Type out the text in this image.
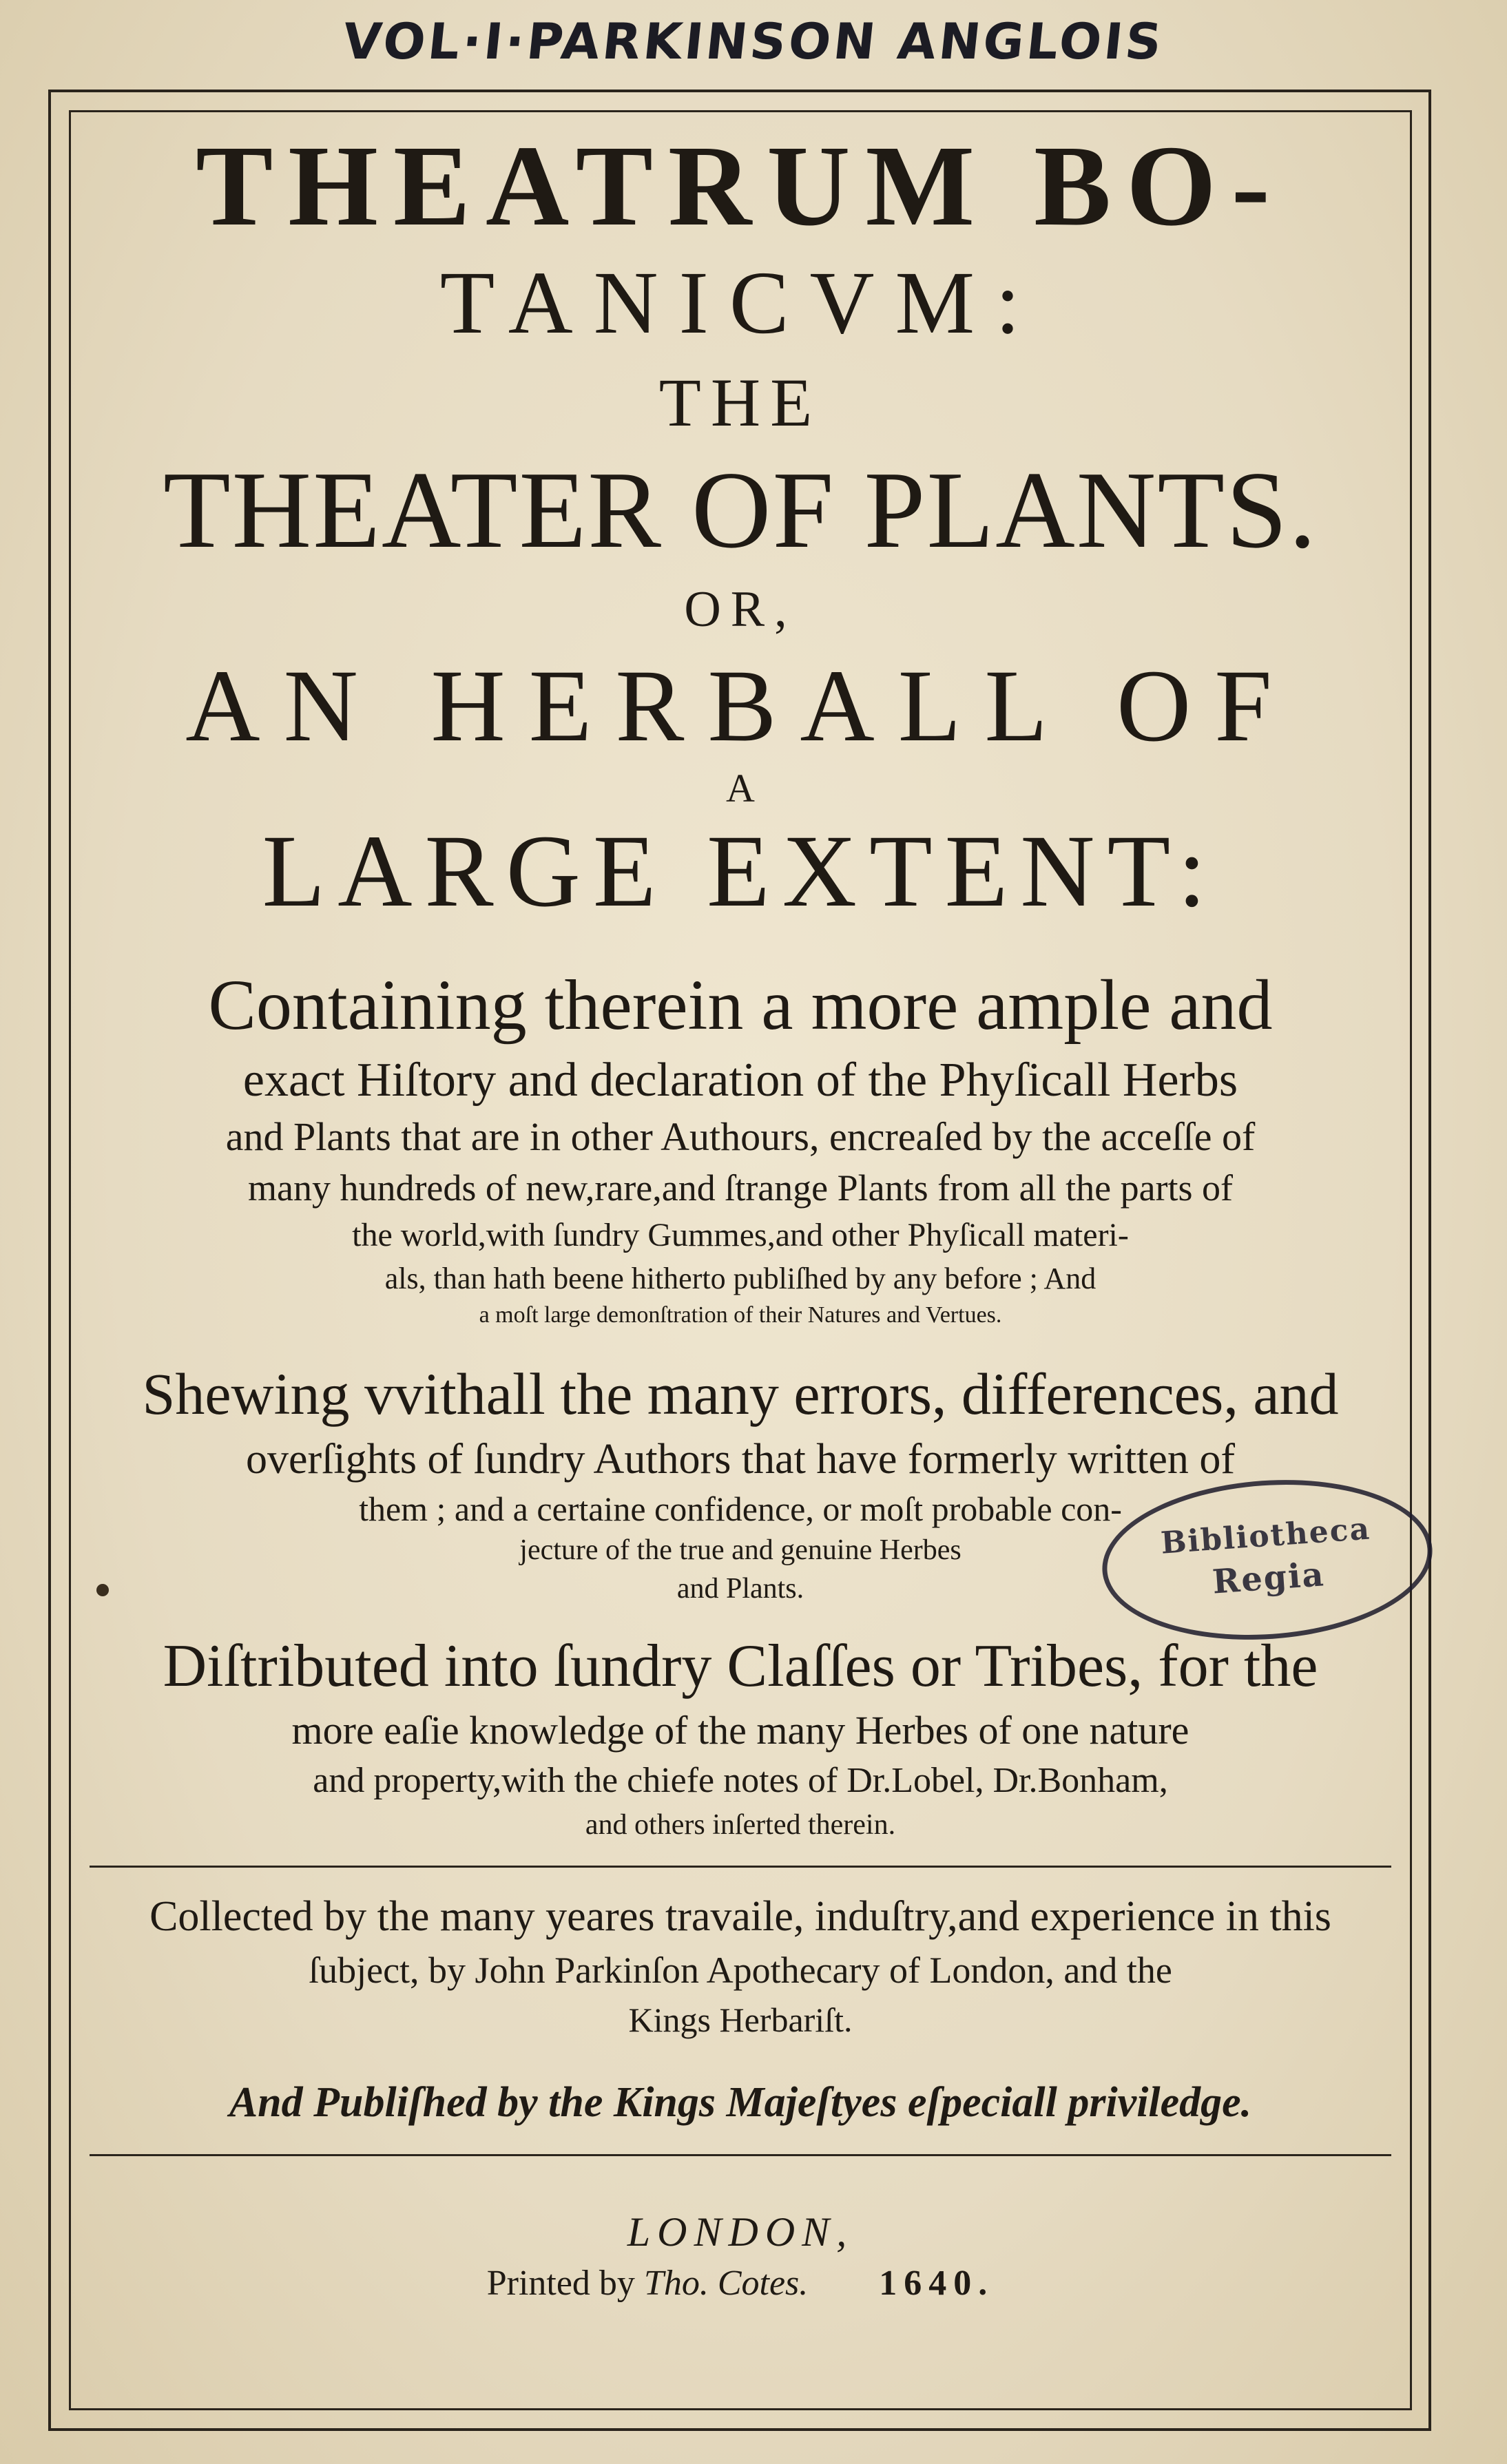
VOL·I·PARKINSON ANGLOIS
THEATRUM BO-
TANICVM:
THE
THEATER OF PLANTS.
OR,
AN HERBALL OF
A
LARGE EXTENT:
Containing therein a more ample and
exact Hiſtory and declaration of the Phyſicall Herbs
and Plants that are in other Authours, encreaſed by the acceſſe of
many hundreds of new,rare,and ſtrange Plants from all the parts of
the world,with ſundry Gummes,and other Phyſicall materi-
als, than hath beene hitherto publiſhed by any before ; And
a moſt large demonſtration of their Natures and Vertues.
Shewing vvithall the many errors, differences, and
overſights of ſundry Authors that have formerly written of
them ; and a certaine confidence, or moſt probable con-
jecture of the true and genuine Herbes
and Plants.
Diſtributed into ſundry Claſſes or Tribes, for the
more eaſie knowledge of the many Herbes of one nature
and property,with the chiefe notes of Dr.Lobel, Dr.Bonham,
and others inſerted therein.
Collected by the many yeares travaile, induſtry,and experience in this
ſubject, by John Parkinſon Apothecary of London, and the
Kings Herbariſt.
And Publiſhed by the Kings Majeſtyes eſpeciall priviledge.
LONDON,
Printed by Tho. Cotes. 1640.
Bibliotheca
Regia
